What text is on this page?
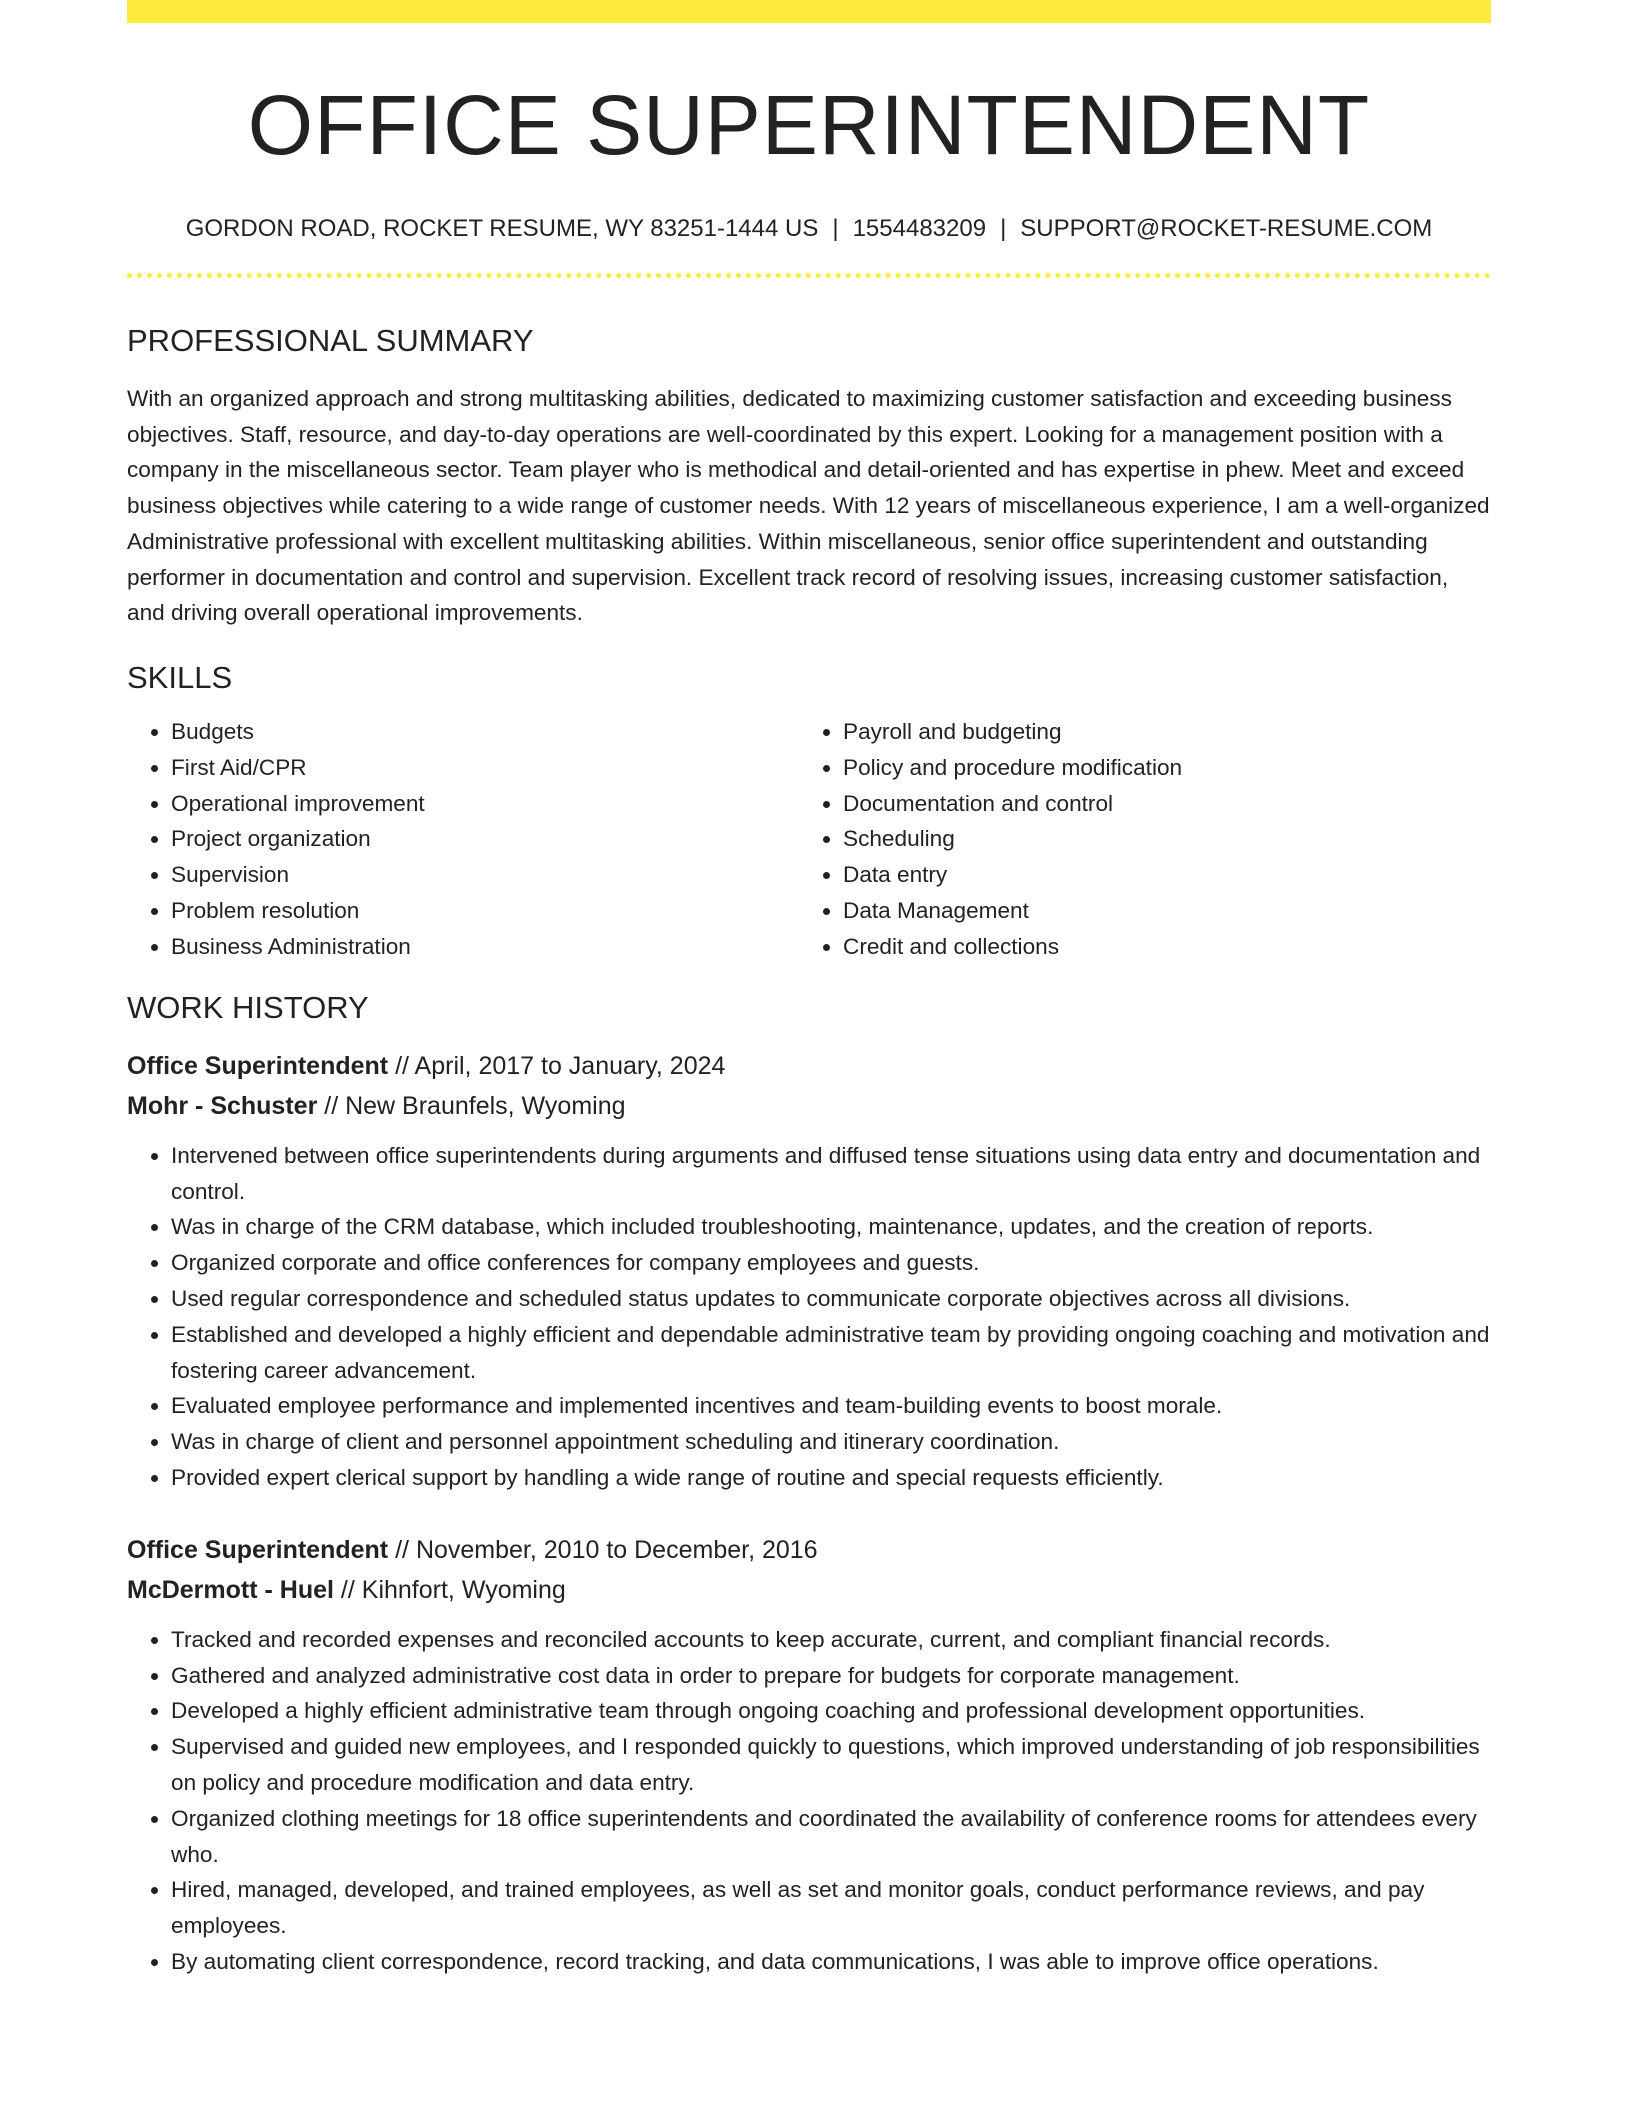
OFFICE SUPERINTENDENT
GORDON ROAD, ROCKET RESUME, WY 83251-1444 US | 1554483209 | SUPPORT@ROCKET-RESUME.COM
PROFESSIONAL SUMMARY

With an organized approach and strong multitasking abilities, dedicated to maximizing customer satisfaction and exceeding business objectives. Staff, resource, and day-to-day operations are well-coordinated by this expert. Looking for a management position with a company in the miscellaneous sector. Team player who is methodical and detail-oriented and has expertise in phew. Meet and exceed business objectives while catering to a wide range of customer needs. With 12 years of miscellaneous experience, I am a well-organized Administrative professional with excellent multitasking abilities. Within miscellaneous, senior office superintendent and outstanding performer in documentation and control and supervision. Excellent track record of resolving issues, increasing customer satisfaction, and driving overall operational improvements.

SKILLS
• Budgets
• First Aid/CPR
• Operational improvement
• Project organization
• Supervision
• Problem resolution
• Business Administration
• Payroll and budgeting
• Policy and procedure modification
• Documentation and control
• Scheduling
• Data entry
• Data Management
• Credit and collections
WORK HISTORY
Office Superintendent // April, 2017 to January, 2024
Mohr - Schuster // New Braunfels, Wyoming
• Intervened between office superintendents during arguments and diffused tense situations using data entry and documentation and control.
• Was in charge of the CRM database, which included troubleshooting, maintenance, updates, and the creation of reports.
• Organized corporate and office conferences for company employees and guests.
• Used regular correspondence and scheduled status updates to communicate corporate objectives across all divisions.
• Established and developed a highly efficient and dependable administrative team by providing ongoing coaching and motivation and fostering career advancement.
• Evaluated employee performance and implemented incentives and team-building events to boost morale.
• Was in charge of client and personnel appointment scheduling and itinerary coordination.
• Provided expert clerical support by handling a wide range of routine and special requests efficiently.
Office Superintendent // November, 2010 to December, 2016
McDermott - Huel // Kihnfort, Wyoming
• Tracked and recorded expenses and reconciled accounts to keep accurate, current, and compliant financial records.
• Gathered and analyzed administrative cost data in order to prepare for budgets for corporate management.
• Developed a highly efficient administrative team through ongoing coaching and professional development opportunities.
• Supervised and guided new employees, and I responded quickly to questions, which improved understanding of job responsibilities on policy and procedure modification and data entry.
• Organized clothing meetings for 18 office superintendents and coordinated the availability of conference rooms for attendees every who.
• Hired, managed, developed, and trained employees, as well as set and monitor goals, conduct performance reviews, and pay employees.
• By automating client correspondence, record tracking, and data communications, I was able to improve office operations.
